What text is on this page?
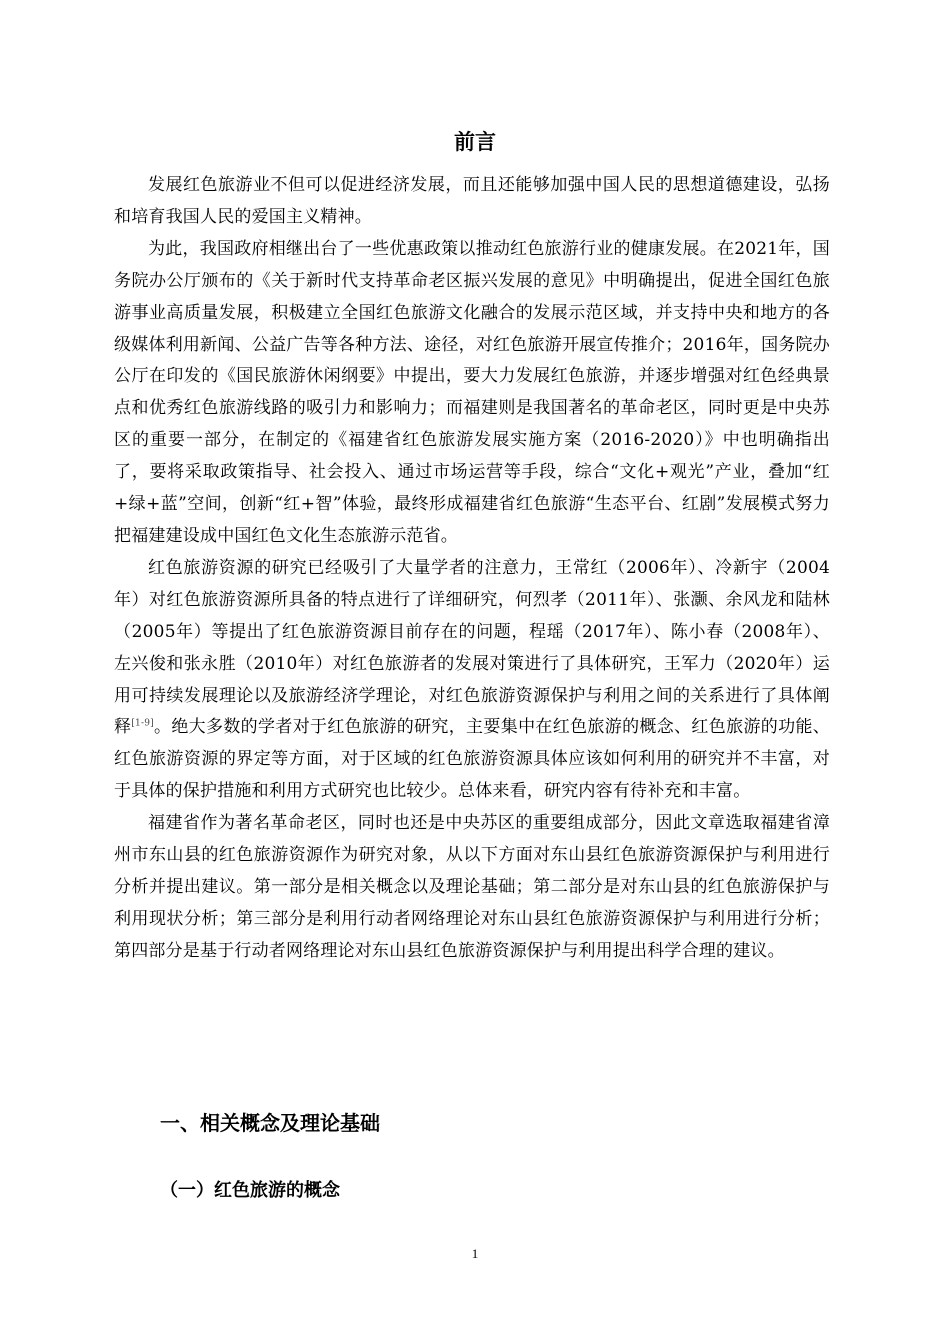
前言

发展红色旅游业不但可以促进经济发展，而且还能够加强中国人民的思想道德建设，弘扬和培育我国人民的爱国主义精神。

为此，我国政府相继出台了一些优惠政策以推动红色旅游行业的健康发展。在2021年，国务院办公厅颁布的《关于新时代支持革命老区振兴发展的意见》中明确提出，促进全国红色旅游事业高质量发展，积极建立全国红色旅游文化融合的发展示范区域，并支持中央和地方的各级媒体利用新闻、公益广告等各种方法、途径，对红色旅游开展宣传推介；2016年，国务院办公厅在印发的《国民旅游休闲纲要》中提出，要大力发展红色旅游，并逐步增强对红色经典景点和优秀红色旅游线路的吸引力和影响力；而福建则是我国著名的革命老区，同时更是中央苏区的重要一部分，在制定的《福建省红色旅游发展实施方案（2016-2020）》中也明确指出了，要将采取政策指导、社会投入、通过市场运营等手段，综合“文化+观光”产业，叠加“红+绿+蓝”空间，创新“红+智”体验，最终形成福建省红色旅游“生态平台、红剧”发展模式努力把福建建设成中国红色文化生态旅游示范省。

红色旅游资源的研究已经吸引了大量学者的注意力，王常红（2006年）、冷新宇（2004年）对红色旅游资源所具备的特点进行了详细研究，何烈孝（2011年）、张灏、余风龙和陆林（2005年）等提出了红色旅游资源目前存在的问题，程瑶（2017年）、陈小春（2008年）、左兴俊和张永胜（2010年）对红色旅游者的发展对策进行了具体研究，王军力（2020年）运用可持续发展理论以及旅游经济学理论，对红色旅游资源保护与利用之间的关系进行了具体阐释[1-9]。绝大多数的学者对于红色旅游的研究，主要集中在红色旅游的概念、红色旅游的功能、红色旅游资源的界定等方面，对于区域的红色旅游资源具体应该如何利用的研究并不丰富，对于具体的保护措施和利用方式研究也比较少。总体来看，研究内容有待补充和丰富。

福建省作为著名革命老区，同时也还是中央苏区的重要组成部分，因此文章选取福建省漳州市东山县的红色旅游资源作为研究对象，从以下方面对东山县红色旅游资源保护与利用进行分析并提出建议。第一部分是相关概念以及理论基础；第二部分是对东山县的红色旅游保护与利用现状分析；第三部分是利用行动者网络理论对东山县红色旅游资源保护与利用进行分析；第四部分是基于行动者网络理论对东山县红色旅游资源保护与利用提出科学合理的建议。

一、相关概念及理论基础
（一）红色旅游的概念
1
